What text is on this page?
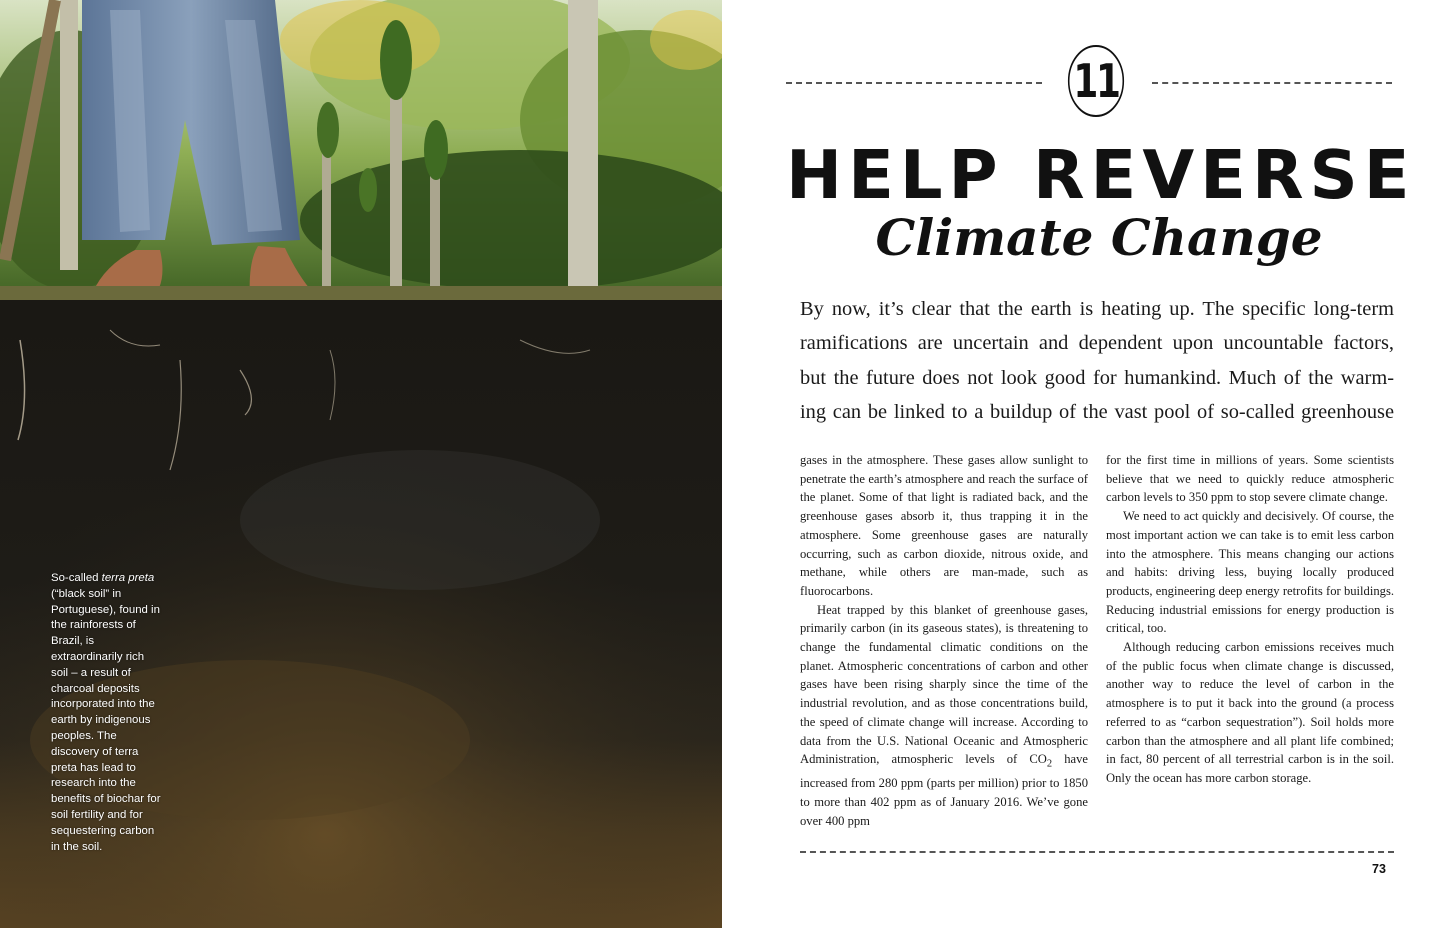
So-called terra preta (“black soil” in Portuguese), found in the rainforests of Brazil, is extraordinarily rich soil – a result of charcoal deposits incorporated into the earth by indigenous peoples. The discovery of terra preta has lead to research into the benefits of biochar for soil fertility and for sequestering carbon in the soil.
11
HELP REVERSE
Climate Change
By now, it’s clear that the earth is heating up. The specific long-term
ramifications are uncertain and dependent upon uncountable factors,
but the future does not look good for humankind. Much of the warm-
ing can be linked to a buildup of the vast pool of so-called greenhouse

gases in the atmosphere. These gases allow sunlight to penetrate the earth’s atmosphere and reach the surface of the planet. Some of that light is radiated back, and the greenhouse gases absorb it, thus trapping it in the atmosphere. Some greenhouse gases are naturally occurring, such as carbon dioxide, nitrous oxide, and methane, while others are man-made, such as fluorocarbons.

Heat trapped by this blanket of greenhouse gases, primarily carbon (in its gaseous states), is threatening to change the fundamental climatic conditions on the planet. Atmospheric concentrations of carbon and other gases have been rising sharply since the time of the industrial revolution, and as those concentrations build, the speed of climate change will increase. According to data from the U.S. National Oceanic and Atmospheric Administration, atmospheric levels of $CO_2$ have increased from 280 ppm (parts per million) prior to 1850 to more than 402 ppm as of January 2016. We’ve gone over 400 ppm

for the first time in millions of years. Some scientists believe that we need to quickly reduce atmospheric carbon levels to 350 ppm to stop severe climate change.

We need to act quickly and decisively. Of course, the most important action we can take is to emit less carbon into the atmosphere. This means changing our actions and habits: driving less, buying locally produced products, engineering deep energy retrofits for buildings. Reducing industrial emissions for energy production is critical, too.

Although reducing carbon emissions receives much of the public focus when climate change is discussed, another way to reduce the level of carbon in the atmosphere is to put it back into the ground (a process referred to as “carbon sequestration”). Soil holds more carbon than the atmosphere and all plant life combined; in fact, 80 percent of all terrestrial carbon is in the soil. Only the ocean has more carbon storage.

73
